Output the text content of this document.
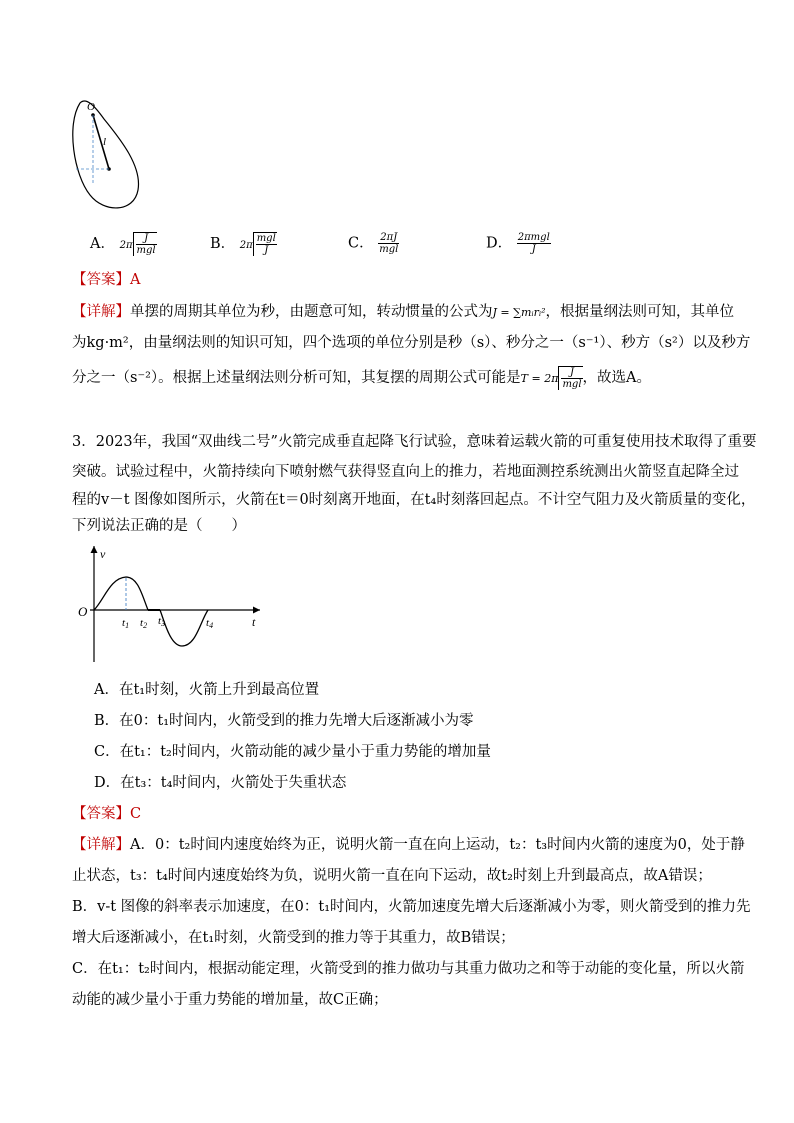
O
l
A． $2\pi \frac{J}{\text{mgl}}$	B． $2\pi \frac{\text{mgl}}{J}$	C． $\frac{2\pi J}{\text{mgl}}$	D． $\frac{\text{2πmgl}}{J}$
【答案】A
【详解】单摆的周期其单位为秒，由题意可知，转动惯量的公式为J = ∑mᵢrᵢ²，根据量纲法则可知，其单位
为kg·m²，由量纲法则的知识可知，四个选项的单位分别是秒（s）、秒分之一（s⁻¹）、秒方（s²）以及秒方
分之一（s⁻²）。根据上述量纲法则分析可知，其复摆的周期公式可能是$T = 2\pi \frac{J}{\text{mgl}}$ ，故选A。
3．2023年，我国“双曲线二号”火箭完成垂直起降飞行试验，意味着运载火箭的可重复使用技术取得了重要
突破。试验过程中，火箭持续向下喷射燃气获得竖直向上的推力，若地面测控系统测出火箭竖直起降全过
程的v－t 图像如图所示，火箭在t＝0时刻离开地面，在t₄时刻落回起点。不计空气阻力及火箭质量的变化，
下列说法正确的是（　　）
v
t
O
t1 t2 t3	t4
A．在t₁时刻，火箭上升到最高位置
B．在0：t₁时间内，火箭受到的推力先增大后逐渐减小为零
C．在t₁：t₂时间内，火箭动能的减少量小于重力势能的增加量
D．在t₃：t₄时间内，火箭处于失重状态
【答案】C
【详解】A．0：t₂时间内速度始终为正，说明火箭一直在向上运动，t₂：t₃时间内火箭的速度为0，处于静
止状态，t₃：t₄时间内速度始终为负，说明火箭一直在向下运动，故t₂时刻上升到最高点，故A错误；
B．v-t 图像的斜率表示加速度，在0：t₁时间内，火箭加速度先增大后逐渐减小为零，则火箭受到的推力先
增大后逐渐减小，在t₁时刻，火箭受到的推力等于其重力，故B错误；
C．在t₁：t₂时间内，根据动能定理，火箭受到的推力做功与其重力做功之和等于动能的变化量，所以火箭
动能的减少量小于重力势能的增加量，故C正确；
